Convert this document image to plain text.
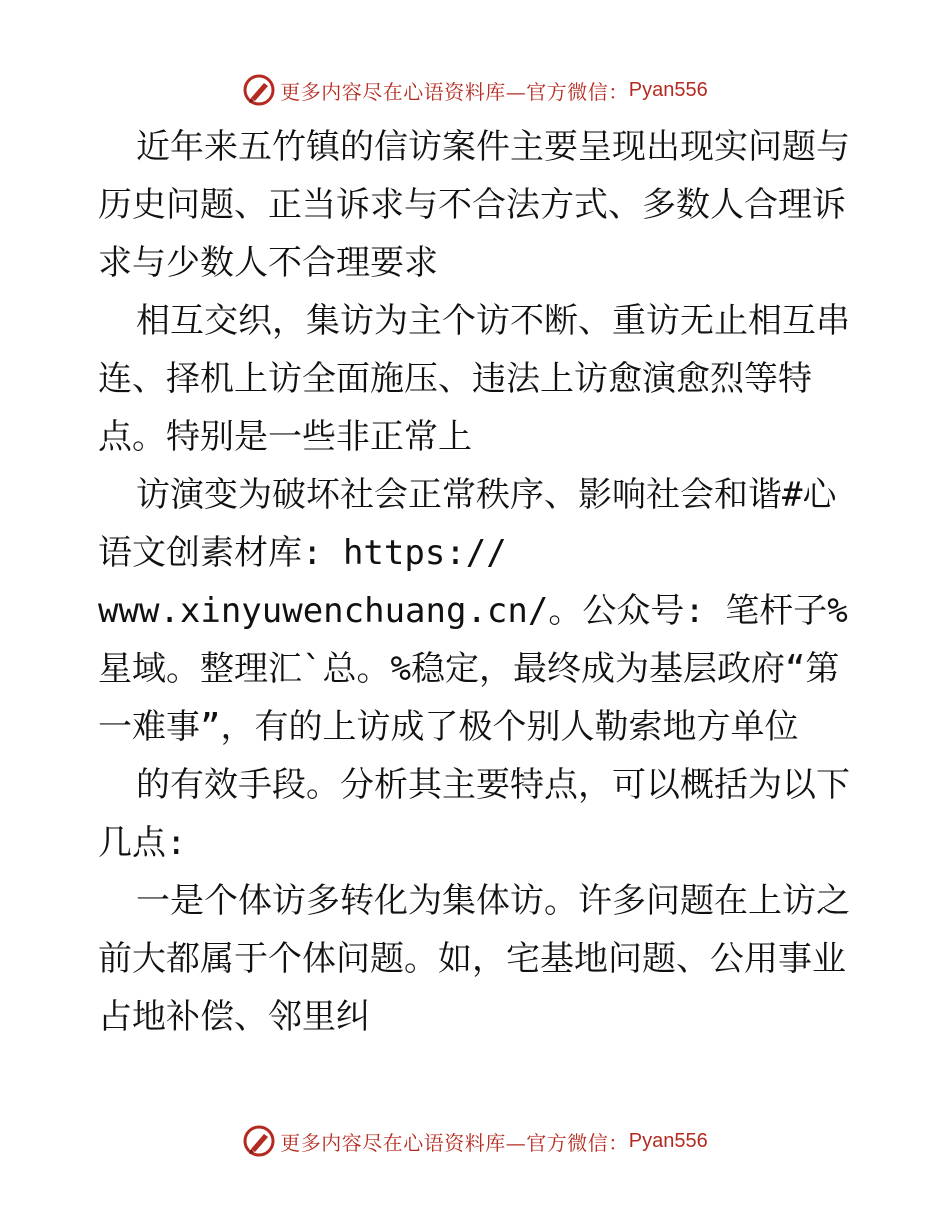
更多内容尽在心语资料库—官方微信： Pyan556

近年来五竹镇的信访案件主要呈现出现实问题与历史问题、正当诉求与不合法方式、多数人合理诉求与少数人不合理要求

相互交织，集访为主个访不断、重访无止相互串连、择机上访全面施压、违法上访愈演愈烈等特点。特别是一些非正常上

访演变为破坏社会正常秩序、影响社会和谐#心语文创素材库: https://
www.xinyuwenchuang.cn/。公众号: 笔杆子%星域。整理汇`总。%稳定，最终成为基层政府“第一难事”，有的上访成了极个别人勒索地方单位

的有效手段。分析其主要特点，可以概括为以下几点:

一是个体访多转化为集体访。许多问题在上访之前大都属于个体问题。如，宅基地问题、公用事业占地补偿、邻里纠

更多内容尽在心语资料库—官方微信： Pyan556
